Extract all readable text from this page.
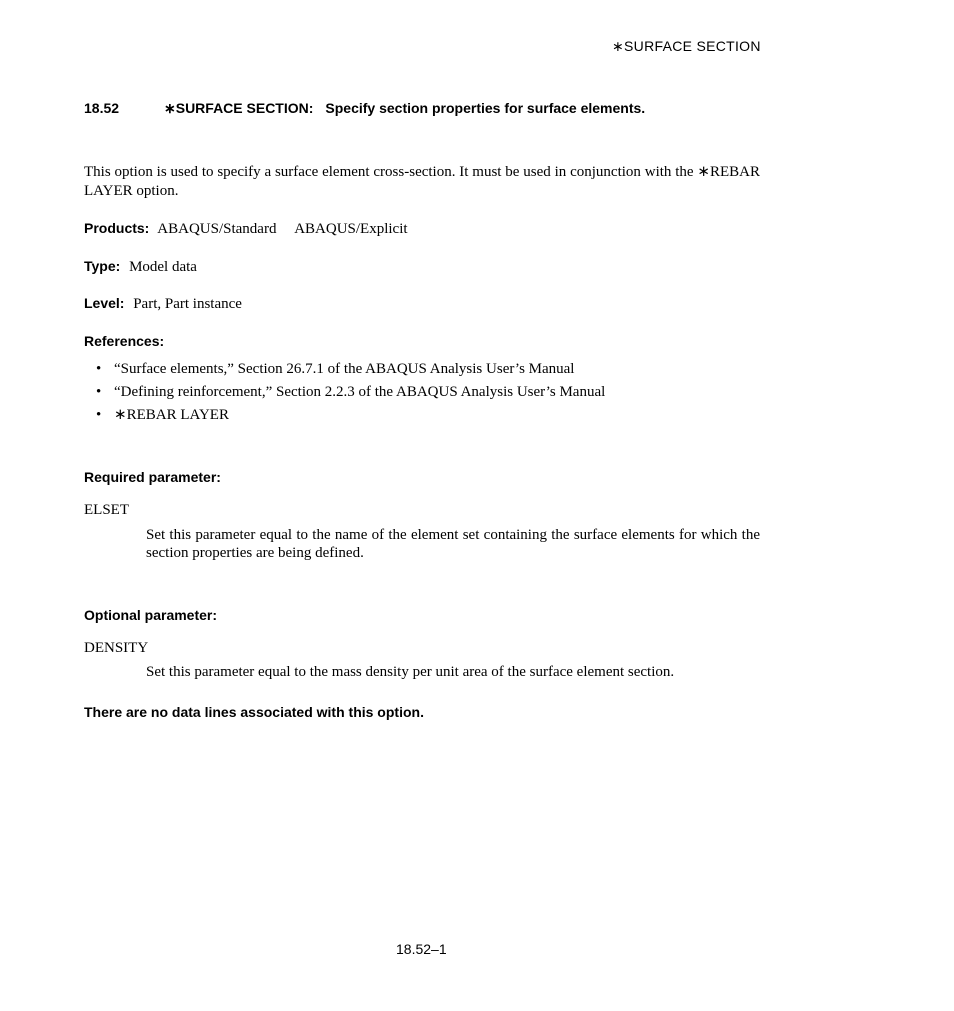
∗SURFACE SECTION
18.52	∗SURFACE SECTION: Specify section properties for surface elements.
This option is used to specify a surface element cross-section. It must be used in conjunction with the ∗REBAR LAYER option.
Products: ABAQUS/Standard ABAQUS/Explicit
Type: Model data
Level: Part, Part instance
References:
• “Surface elements,” Section 26.7.1 of the ABAQUS Analysis User’s Manual
• “Defining reinforcement,” Section 2.2.3 of the ABAQUS Analysis User’s Manual
• ∗REBAR LAYER
Required parameter:
ELSET
Set this parameter equal to the name of the element set containing the surface elements for which the section properties are being defined.
Optional parameter:
DENSITY
Set this parameter equal to the mass density per unit area of the surface element section.
There are no data lines associated with this option.
18.52–1
